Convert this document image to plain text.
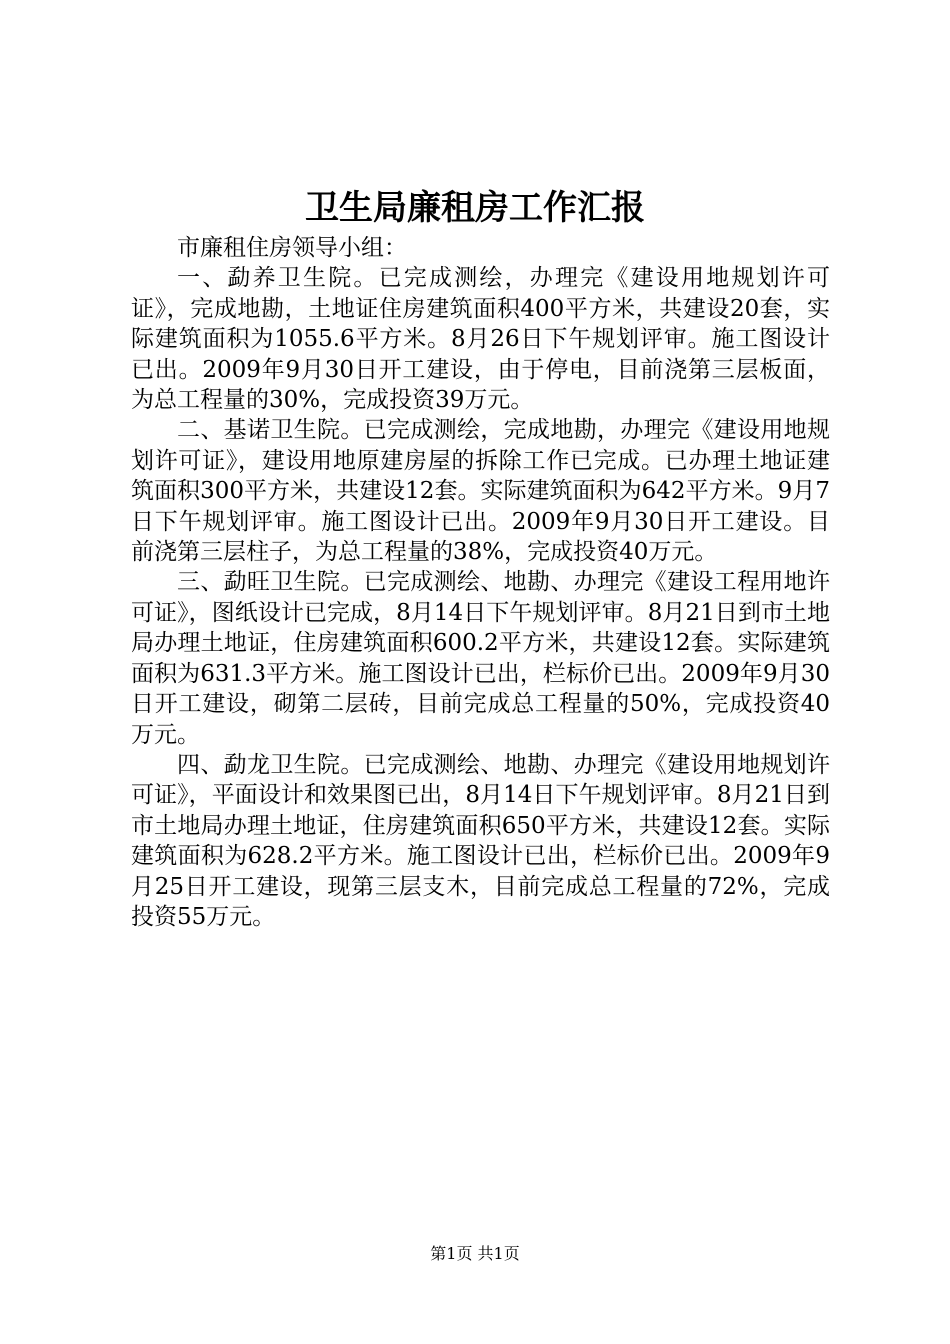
卫生局廉租房工作汇报

市廉租住房领导小组：

一、勐养卫生院。已完成测绘，办理完《建设用地规划许可证》，完成地勘，土地证住房建筑面积400平方米，共建设20套，实际建筑面积为1055.6平方米。8月26日下午规划评审。施工图设计已出。2009年9月30日开工建设，由于停电，目前浇第三层板面，为总工程量的30%，完成投资39万元。

二、基诺卫生院。已完成测绘，完成地勘，办理完《建设用地规划许可证》，建设用地原建房屋的拆除工作已完成。已办理土地证建筑面积300平方米，共建设12套。实际建筑面积为642平方米。9月7日下午规划评审。施工图设计已出。2009年9月30日开工建设。目前浇第三层柱子，为总工程量的38%，完成投资40万元。

三、勐旺卫生院。已完成测绘、地勘、办理完《建设工程用地许可证》，图纸设计已完成，8月14日下午规划评审。8月21日到市土地局办理土地证，住房建筑面积600.2平方米，共建设12套。实际建筑面积为631.3平方米。施工图设计已出，栏标价已出。2009年9月30日开工建设，砌第二层砖，目前完成总工程量的50%，完成投资40万元。

四、勐龙卫生院。已完成测绘、地勘、办理完《建设用地规划许可证》，平面设计和效果图已出，8月14日下午规划评审。8月21日到市土地局办理土地证，住房建筑面积650平方米，共建设12套。实际建筑面积为628.2平方米。施工图设计已出，栏标价已出。2009年9月25日开工建设，现第三层支木，目前完成总工程量的72%，完成投资55万元。

第1页 共1页
